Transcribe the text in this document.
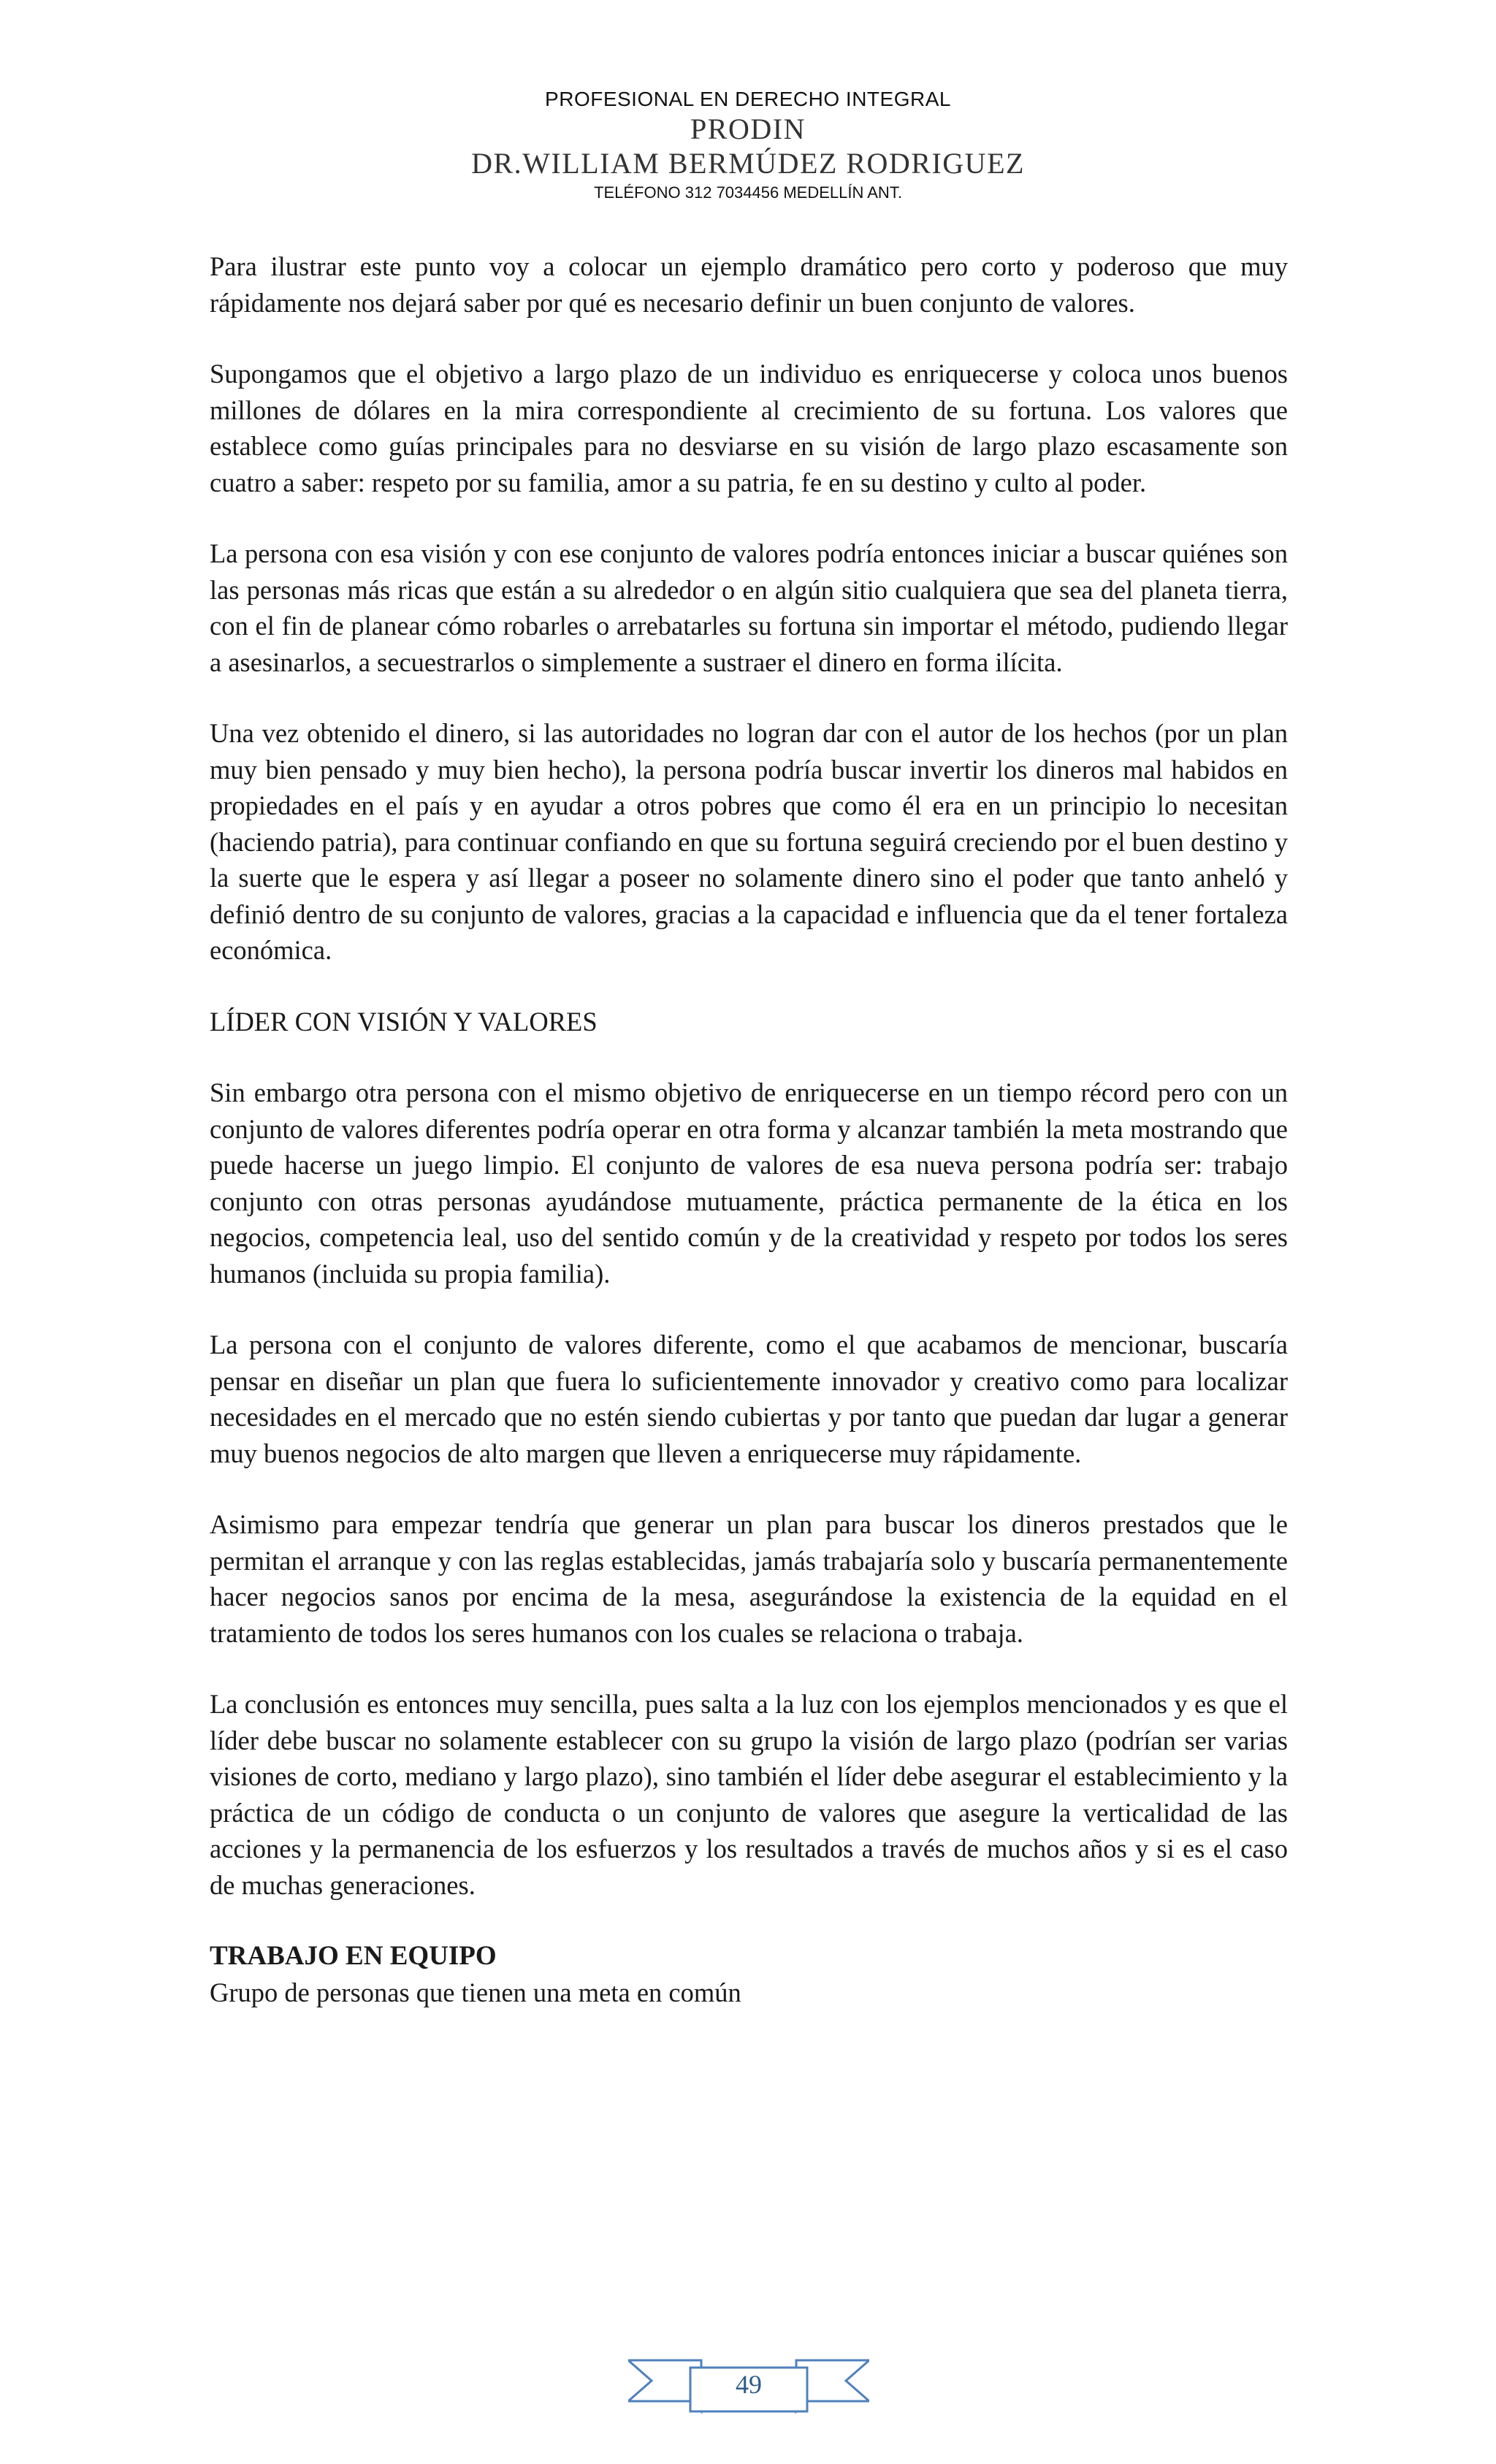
PROFESIONAL EN DERECHO INTEGRAL
PRODIN
DR.WILLIAM BERMÚDEZ RODRIGUEZ
TELÉFONO 312 7034456 MEDELLÍN ANT.

Para ilustrar este punto voy a colocar un ejemplo dramático pero corto y poderoso que muy rápidamente nos dejará saber por qué es necesario definir un buen conjunto de valores.

Supongamos que el objetivo a largo plazo de un individuo es enriquecerse y coloca unos buenos millones de dólares en la mira correspondiente al crecimiento de su fortuna. Los valores que establece como guías principales para no desviarse en su visión de largo plazo escasamente son cuatro a saber: respeto por su familia, amor a su patria, fe en su destino y culto al poder.

La persona con esa visión y con ese conjunto de valores podría entonces iniciar a buscar quiénes son las personas más ricas que están a su alrededor o en algún sitio cualquiera que sea del planeta tierra, con el fin de planear cómo robarles o arrebatarles su fortuna sin importar el método, pudiendo llegar a asesinarlos, a secuestrarlos o simplemente a sustraer el dinero en forma ilícita.

Una vez obtenido el dinero, si las autoridades no logran dar con el autor de los hechos (por un plan muy bien pensado y muy bien hecho), la persona podría buscar invertir los dineros mal habidos en propiedades en el país y en ayudar a otros pobres que como él era en un principio lo necesitan (haciendo patria), para continuar confiando en que su fortuna seguirá creciendo por el buen destino y la suerte que le espera y así llegar a poseer no solamente dinero sino el poder que tanto anheló y definió dentro de su conjunto de valores, gracias a la capacidad e influencia que da el tener fortaleza económica.

LÍDER CON VISIÓN Y VALORES

Sin embargo otra persona con el mismo objetivo de enriquecerse en un tiempo récord pero con un conjunto de valores diferentes podría operar en otra forma y alcanzar también la meta mostrando que puede hacerse un juego limpio. El conjunto de valores de esa nueva persona podría ser: trabajo conjunto con otras personas ayudándose mutuamente, práctica permanente de la ética en los negocios, competencia leal, uso del sentido común y de la creatividad y respeto por todos los seres humanos (incluida su propia familia).

La persona con el conjunto de valores diferente, como el que acabamos de mencionar, buscaría pensar en diseñar un plan que fuera lo suficientemente innovador y creativo como para localizar necesidades en el mercado que no estén siendo cubiertas y por tanto que puedan dar lugar a generar muy buenos negocios de alto margen que lleven a enriquecerse muy rápidamente.

Asimismo para empezar tendría que generar un plan para buscar los dineros prestados que le permitan el arranque y con las reglas establecidas, jamás trabajaría solo y buscaría permanentemente hacer negocios sanos por encima de la mesa, asegurándose la existencia de la equidad en el tratamiento de todos los seres humanos con los cuales se relaciona o trabaja.

La conclusión es entonces muy sencilla, pues salta a la luz con los ejemplos mencionados y es que el líder debe buscar no solamente establecer con su grupo la visión de largo plazo (podrían ser varias visiones de corto, mediano y largo plazo), sino también el líder debe asegurar el establecimiento y la práctica de un código de conducta o un conjunto de valores que asegure la verticalidad de las acciones y la permanencia de los esfuerzos y los resultados a través de muchos años y si es el caso de muchas generaciones.

TRABAJO EN EQUIPO

Grupo de personas que tienen una meta en común

49
